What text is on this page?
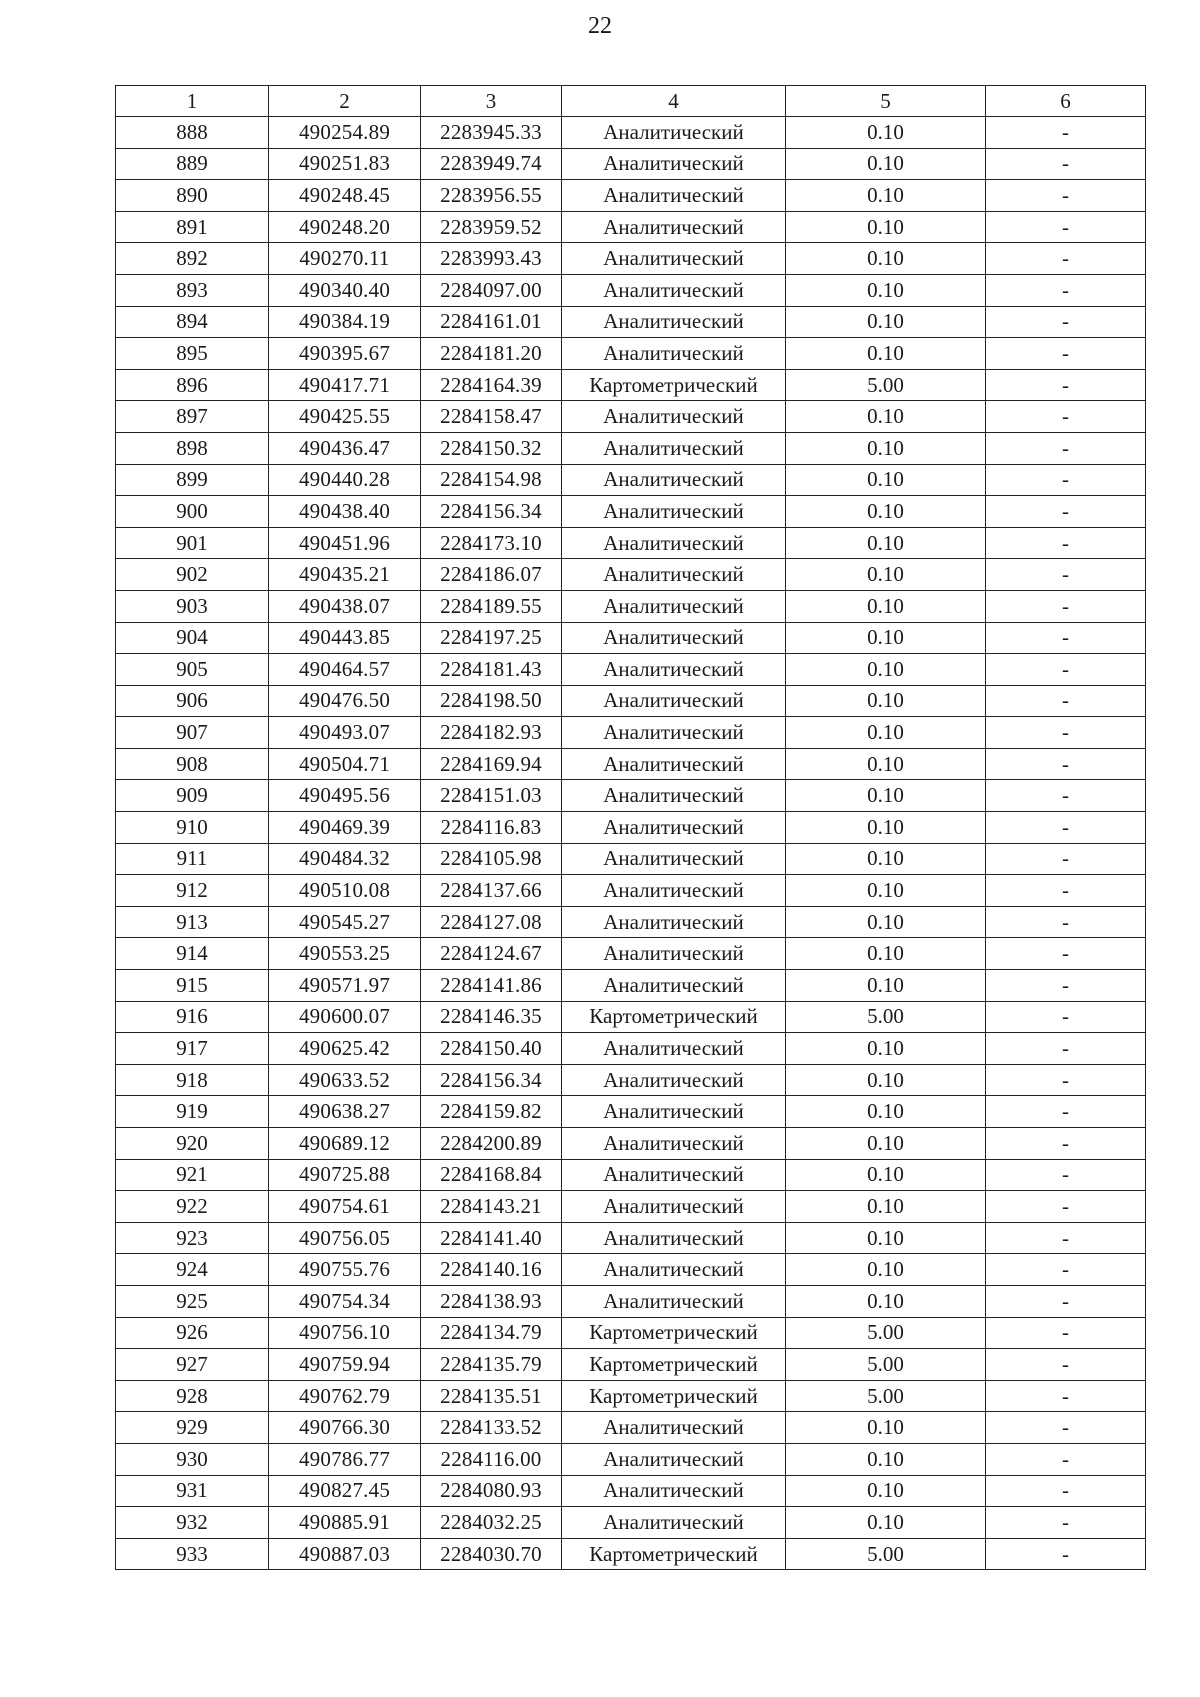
22
1	2	3	4	5	6
888	490254.89	2283945.33	Аналитический	0.10	-
889	490251.83	2283949.74	Аналитический	0.10	-
890	490248.45	2283956.55	Аналитический	0.10	-
891	490248.20	2283959.52	Аналитический	0.10	-
892	490270.11	2283993.43	Аналитический	0.10	-
893	490340.40	2284097.00	Аналитический	0.10	-
894	490384.19	2284161.01	Аналитический	0.10	-
895	490395.67	2284181.20	Аналитический	0.10	-
896	490417.71	2284164.39	Картометрический	5.00	-
897	490425.55	2284158.47	Аналитический	0.10	-
898	490436.47	2284150.32	Аналитический	0.10	-
899	490440.28	2284154.98	Аналитический	0.10	-
900	490438.40	2284156.34	Аналитический	0.10	-
901	490451.96	2284173.10	Аналитический	0.10	-
902	490435.21	2284186.07	Аналитический	0.10	-
903	490438.07	2284189.55	Аналитический	0.10	-
904	490443.85	2284197.25	Аналитический	0.10	-
905	490464.57	2284181.43	Аналитический	0.10	-
906	490476.50	2284198.50	Аналитический	0.10	-
907	490493.07	2284182.93	Аналитический	0.10	-
908	490504.71	2284169.94	Аналитический	0.10	-
909	490495.56	2284151.03	Аналитический	0.10	-
910	490469.39	2284116.83	Аналитический	0.10	-
911	490484.32	2284105.98	Аналитический	0.10	-
912	490510.08	2284137.66	Аналитический	0.10	-
913	490545.27	2284127.08	Аналитический	0.10	-
914	490553.25	2284124.67	Аналитический	0.10	-
915	490571.97	2284141.86	Аналитический	0.10	-
916	490600.07	2284146.35	Картометрический	5.00	-
917	490625.42	2284150.40	Аналитический	0.10	-
918	490633.52	2284156.34	Аналитический	0.10	-
919	490638.27	2284159.82	Аналитический	0.10	-
920	490689.12	2284200.89	Аналитический	0.10	-
921	490725.88	2284168.84	Аналитический	0.10	-
922	490754.61	2284143.21	Аналитический	0.10	-
923	490756.05	2284141.40	Аналитический	0.10	-
924	490755.76	2284140.16	Аналитический	0.10	-
925	490754.34	2284138.93	Аналитический	0.10	-
926	490756.10	2284134.79	Картометрический	5.00	-
927	490759.94	2284135.79	Картометрический	5.00	-
928	490762.79	2284135.51	Картометрический	5.00	-
929	490766.30	2284133.52	Аналитический	0.10	-
930	490786.77	2284116.00	Аналитический	0.10	-
931	490827.45	2284080.93	Аналитический	0.10	-
932	490885.91	2284032.25	Аналитический	0.10	-
933	490887.03	2284030.70	Картометрический	5.00	-
